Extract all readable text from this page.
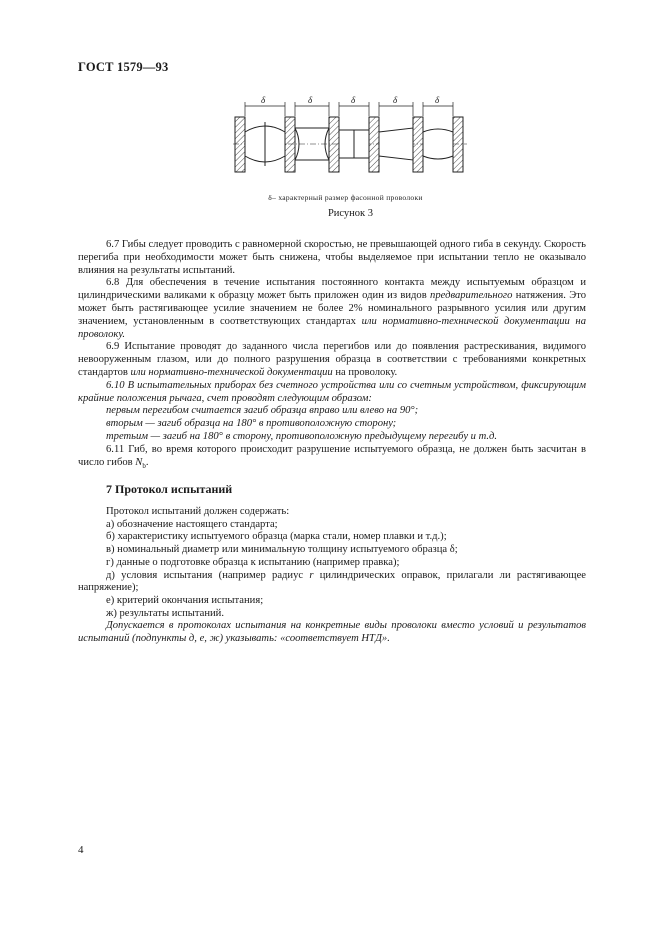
ГОСТ 1579—93
δ	δ	δ	δ	δ
δ– характерный размер фасонной проволоки
Рисунок 3

6.7 Гибы следует проводить с равномерной скоростью, не превышающей одного гиба в секунду. Скорость перегиба при необходимости может быть снижена, чтобы выделяемое при испытании тепло не оказывало влияния на результаты испытаний.

6.8 Для обеспечения в течение испытания постоянного контакта между испытуемым образцом и цилиндрическими валиками к образцу может быть приложен один из видов предварительного натяжения. Это может быть растягивающее усилие значением не более 2% номинального разрывного усилия или другим значением, установленным в соответствующих стандартах или нормативно-технической документации на проволоку.

6.9 Испытание проводят до заданного числа перегибов или до появления растрескивания, видимого невооруженным глазом, или до полного разрушения образца в соответствии с требованиями конкретных стандартов или нормативно-технической документации на проволоку.

6.10 В испытательных приборах без счетного устройства или со счетным устройством, фиксирующим крайние положения рычага, счет проводят следующим образом:

первым перегибом считается загиб образца вправо или влево на 90°;

вторым — загиб образца на 180° в противоположную сторону;

третьим — загиб на 180° в сторону, противоположную предыдущему перегибу и т.д.

6.11 Гиб, во время которого происходит разрушение испытуемого образца, не должен быть засчитан в число гибов $N_b$.

7 Протокол испытаний

Протокол испытаний должен содержать:

а) обозначение настоящего стандарта;

б) характеристику испытуемого образца (марка стали, номер плавки и т.д.);

в) номинальный диаметр или минимальную толщину испытуемого образца δ;

г) данные о подготовке образца к испытанию (например правка);

д) условия испытания (например радиус r цилиндрических оправок, прилагали ли растягивающее напряжение);

е) критерий окончания испытания;

ж) результаты испытаний.

Допускается в протоколах испытания на конкретные виды проволоки вместо условий и результатов испытаний (подпункты д, е, ж) указывать: «соответствует НТД».

4
